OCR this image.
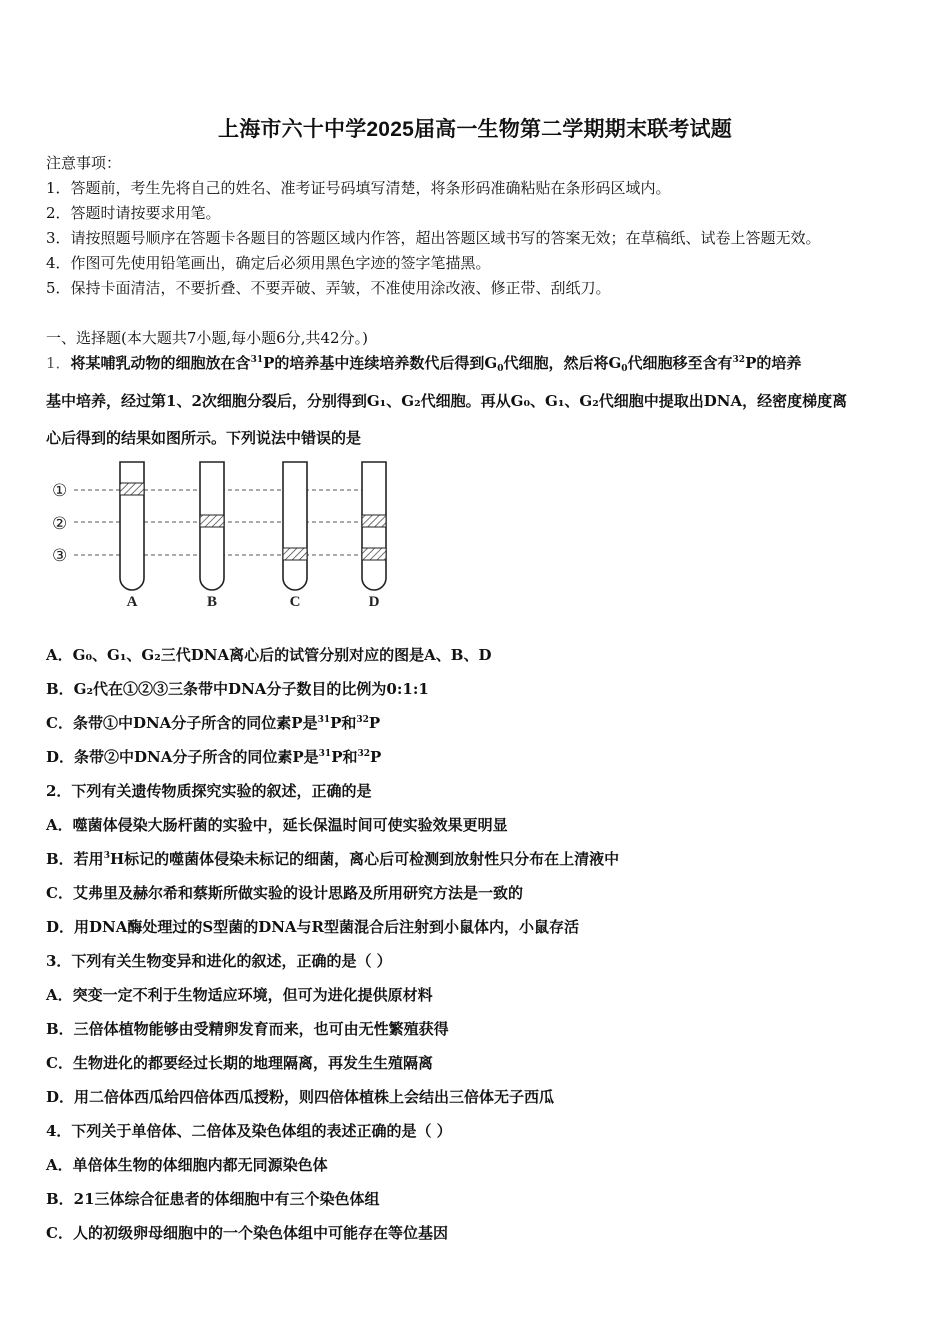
上海市六十中学2025届高一生物第二学期期末联考试题
注意事项：
1．答题前，考生先将自己的姓名、准考证号码填写清楚，将条形码准确粘贴在条形码区域内。
2．答题时请按要求用笔。
3．请按照题号顺序在答题卡各题目的答题区域内作答，超出答题区域书写的答案无效；在草稿纸、试卷上答题无效。
4．作图可先使用铅笔画出，确定后必须用黑色字迹的签字笔描黑。
5．保持卡面清洁，不要折叠、不要弄破、弄皱，不准使用涂改液、修正带、刮纸刀。
一、选择题(本大题共7小题,每小题6分,共42分。)
1．将某哺乳动物的细胞放在含$^{31}$P的培养基中连续培养数代后得到$G_0$代细胞，然后将$G_0$代细胞移至含有$^{32}$P的培养
基中培养，经过第1、2次细胞分裂后，分别得到G₁、G₂代细胞。再从G₀、G₁、G₂代细胞中提取出DNA，经密度梯度离
心后得到的结果如图所示。下列说法中错误的是
①
②
③
A	B	C	D
A．G₀、G₁、G₂三代DNA离心后的试管分别对应的图是A、B、D
B．G₂代在①②③三条带中DNA分子数目的比例为0:1:1
C．条带①中DNA分子所含的同位素P是$^{31}$P和$^{32}$P
D．条带②中DNA分子所含的同位素P是$^{31}$P和$^{32}$P
2．下列有关遗传物质探究实验的叙述，正确的是
A．噬菌体侵染大肠杆菌的实验中，延长保温时间可使实验效果更明显
B．若用$^3$H标记的噬菌体侵染未标记的细菌，离心后可检测到放射性只分布在上清液中
C．艾弗里及赫尔希和蔡斯所做实验的设计思路及所用研究方法是一致的
D．用DNA酶处理过的S型菌的DNA与R型菌混合后注射到小鼠体内，小鼠存活
3．下列有关生物变异和进化的叙述，正确的是（ ）
A．突变一定不利于生物适应环境，但可为进化提供原材料
B．三倍体植物能够由受精卵发育而来，也可由无性繁殖获得
C．生物进化的都要经过长期的地理隔离，再发生生殖隔离
D．用二倍体西瓜给四倍体西瓜授粉，则四倍体植株上会结出三倍体无子西瓜
4．下列关于单倍体、二倍体及染色体组的表述正确的是（ ）
A．单倍体生物的体细胞内都无同源染色体
B．21三体综合征患者的体细胞中有三个染色体组
C．人的初级卵母细胞中的一个染色体组中可能存在等位基因
